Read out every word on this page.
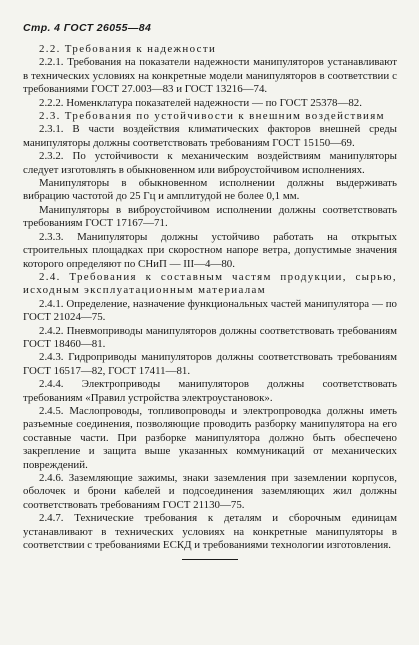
Стр. 4 ГОСТ 26055—84

2.2. Требования к надежности

2.2.1. Требования на показатели надежности манипуляторов устанавливают в технических условиях на конкретные модели манипуляторов в соответствии с требованиями ГОСТ 27.003—83 и ГОСТ 13216—74.

2.2.2. Номенклатура показателей надежности — по ГОСТ 25378—82.

2.3. Требования по устойчивости к внешним воздействиям

2.3.1. В части воздействия климатических факторов внешней среды манипуляторы должны соответствовать требованиям ГОСТ 15150—69.

2.3.2. По устойчивости к механическим воздействиям манипуляторы следует изготовлять в обыкновенном или виброустойчивом исполнениях.

Манипуляторы в обыкновенном исполнении должны выдерживать вибрацию частотой до 25 Гц и амплитудой не более 0,1 мм.

Манипуляторы в виброустойчивом исполнении должны соответствовать требованиям ГОСТ 17167—71.

2.3.3. Манипуляторы должны устойчиво работать на открытых строительных площадках при скоростном напоре ветра, допустимые значения которого определяют по СНиП — III—4—80.

2.4. Требования к составным частям продукции, сырью, исходным эксплуатационным материалам

2.4.1. Определение, назначение функциональных частей манипулятора — по ГОСТ 21024—75.

2.4.2. Пневмоприводы манипуляторов должны соответствовать требованиям ГОСТ 18460—81.

2.4.3. Гидроприводы манипуляторов должны соответствовать требованиям ГОСТ 16517—82, ГОСТ 17411—81.

2.4.4. Электроприводы манипуляторов должны соответствовать требованиям «Правил устройства электроустановок».

2.4.5. Маслопроводы, топливопроводы и электропроводка должны иметь разъемные соединения, позволяющие проводить разборку манипулятора на его составные части. При разборке манипулятора должно быть обеспечено закрепление и защита выше указанных коммуникаций от механических повреждений.

2.4.6. Заземляющие зажимы, знаки заземления при заземлении корпусов, оболочек и брони кабелей и подсоединения заземляющих жил должны соответствовать требованиям ГОСТ 21130—75.

2.4.7. Технические требования к деталям и сборочным единицам устанавливают в технических условиях на конкретные манипуляторы в соответствии с требованиями ЕСКД и требованиями технологии изготовления.
